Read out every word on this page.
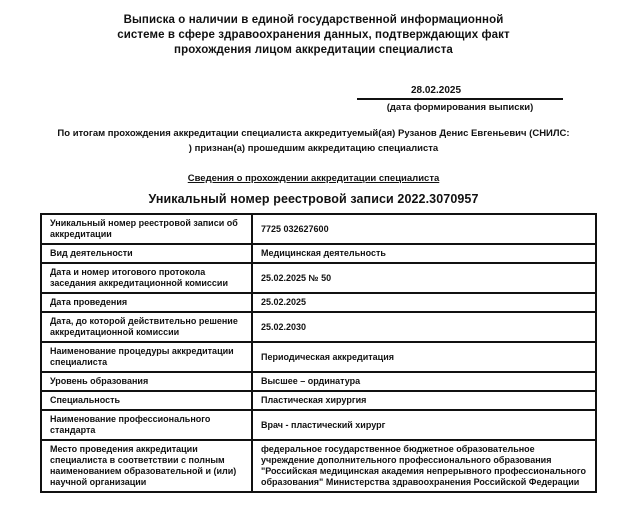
Выписка о наличии в единой государственной информационной
системе в сфере здравоохранения данных, подтверждающих факт
прохождения лицом аккредитации специалиста
28.02.2025
(дата формирования выписки)
По итогам прохождения аккредитации специалиста аккредитуемый(ая) Рузанов Денис Евгеньевич (СНИЛС:
) признан(а) прошедшим аккредитацию специалиста
Сведения о прохождении аккредитации специалиста
Уникальный номер реестровой записи 2022.3070957
Уникальный номер реестровой записи об аккредитации	7725 032627600
Вид деятельности	Медицинская деятельность
Дата и номер итогового протокола заседания аккредитационной комиссии	25.02.2025 № 50
Дата проведения	25.02.2025
Дата, до которой действительно решение аккредитационной комиссии	25.02.2030
Наименование процедуры аккредитации специалиста	Периодическая аккредитация
Уровень образования	Высшее – ординатура
Специальность	Пластическая хирургия
Наименование профессионального стандарта	Врач - пластический хирург
Место проведения аккредитации специалиста в соответствии с полным наименованием образовательной и (или) научной организации	федеральное государственное бюджетное образовательное учреждение дополнительного профессионального образования "Российская медицинская академия непрерывного профессионального образования" Министерства здравоохранения Российской Федерации
